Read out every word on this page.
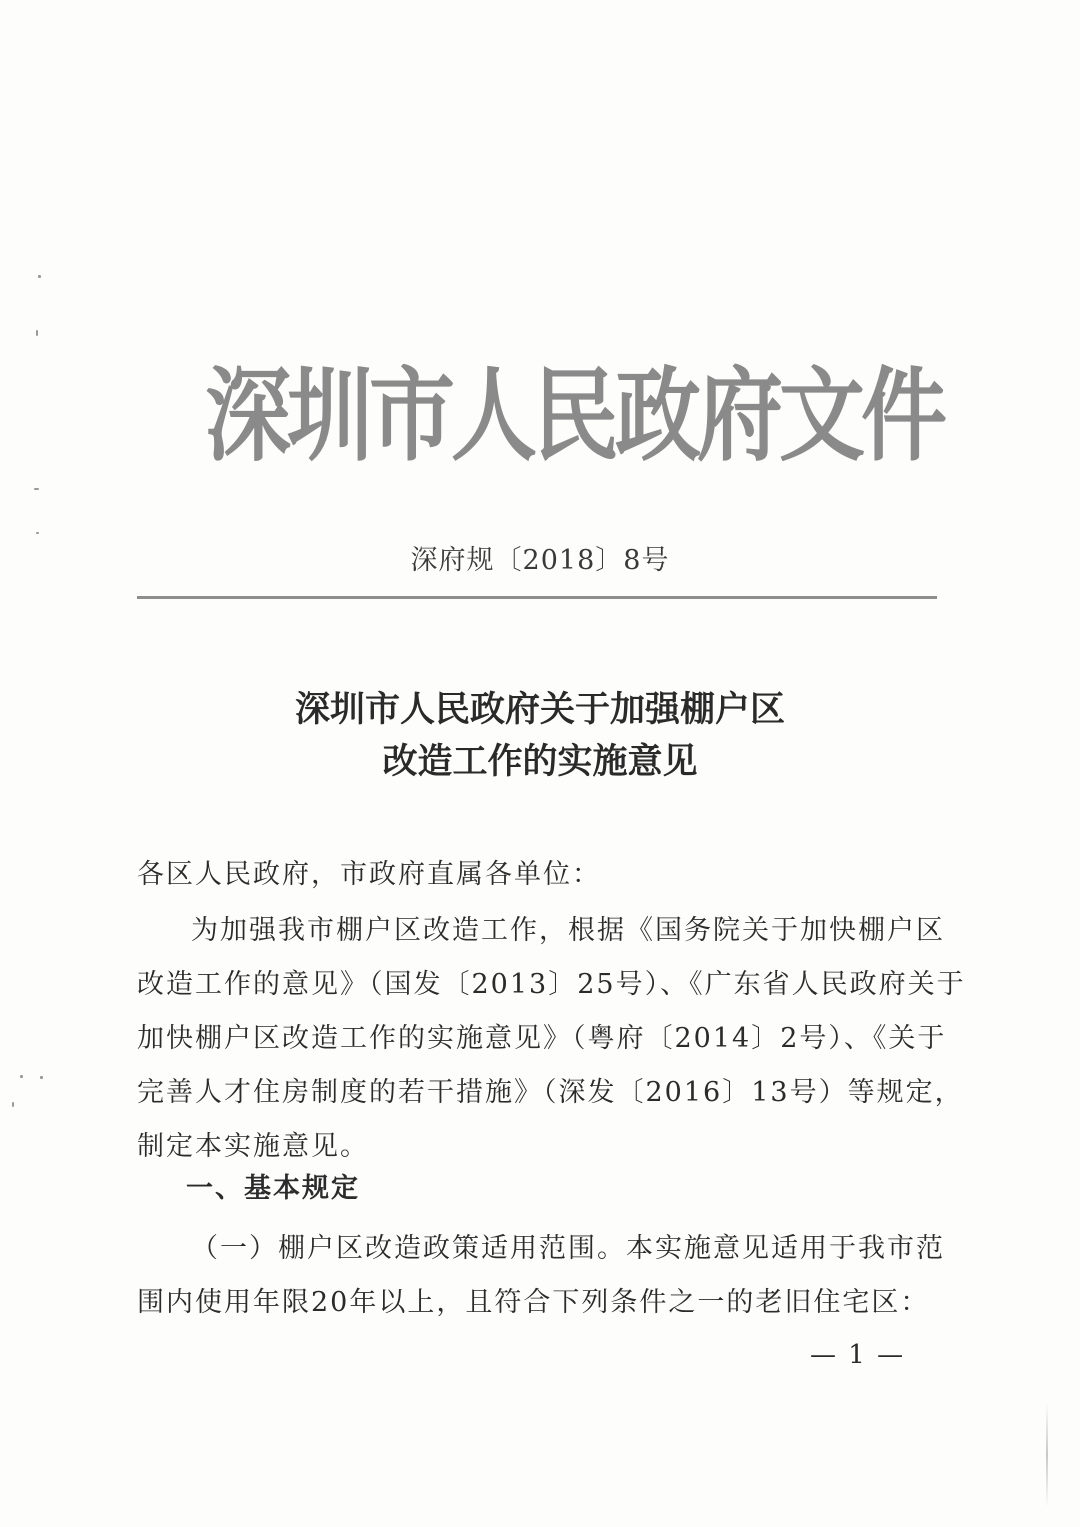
深圳市人民政府文件
深府规〔2018〕8号
深圳市人民政府关于加强棚户区
改造工作的实施意见
各区人民政府，市政府直属各单位：
为加强我市棚户区改造工作，根据《国务院关于加快棚户区
改造工作的意见》（国发〔2013〕25号）、《广东省人民政府关于
加快棚户区改造工作的实施意见》（粤府〔2014〕2号）、《关于
完善人才住房制度的若干措施》（深发〔2016〕13号）等规定，
制定本实施意见。
一、基本规定
（一）棚户区改造政策适用范围。本实施意见适用于我市范
围内使用年限20年以上，且符合下列条件之一的老旧住宅区：
— 1 —
